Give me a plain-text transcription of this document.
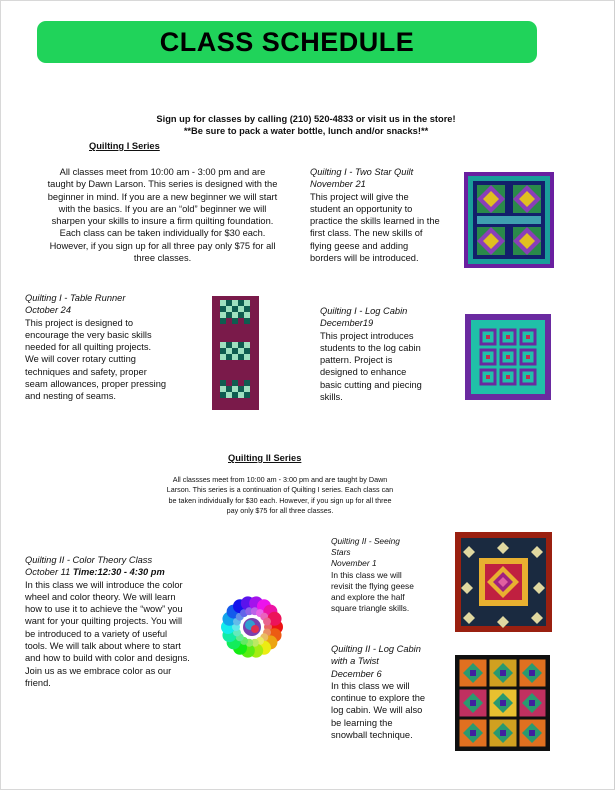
CLASS SCHEDULE
Sign up for classes by calling (210) 520-4833 or visit us in the store!
**Be sure to pack a water bottle, lunch and/or snacks!**
Quilting I Series
All classes meet from 10:00 am - 3:00 pm and are
taught by Dawn Larson. This series is designed with the
beginner in mind. If you are a new beginner we will start
with the basics. If you are an “old” beginner we will
sharpen your skills to insure a firm quilting foundation.
Each class can be taken individually for $30 each.
However, if you sign up for all three pay only $75 for all
three classes.
Quilting I - Two Star Quilt
November 21
This project will give the
student an opportunity to
practice the skills learned in the
first class. The new skills of
flying geese and adding
borders will be introduced.
Quilting I - Table Runner
October 24
This project is designed to
encourage the very basic skills
needed for all quilting projects.
We will cover rotary cutting
techniques and safety, proper
seam allowances, proper pressing
and nesting of seams.
Quilting I - Log Cabin
December19
This project introduces
students to the log cabin
pattern. Project is
designed to enhance
basic cutting and piecing
skills.
Quilting II Series
All classses meet from 10:00 am - 3:00 pm and are taught by Dawn
Larson. This series is a continuation of Quilting I series. Each class can
be taken individually for $30 each. However, if you sign up for all three
pay only $75 for all three classes.
Quilting II - Color Theory Class
October 11 Time:12:30 - 4:30 pm
In this class we will introduce the color
wheel and color theory. We will learn
how to use it to achieve the “wow” you
want for your quilting projects. You will
be introduced to a variety of useful
tools. We will talk about where to start
and how to build with color and designs.
Join us as we embrace color as our
friend.
Quilting II - Seeing
Stars
November 1
In this class we will
revisit the flying geese
and explore the half
square triangle skills.
Quilting II - Log Cabin
with a Twist
December 6
In this class we will
continue to explore the
log cabin. We will also
be learning the
snowball technique.
